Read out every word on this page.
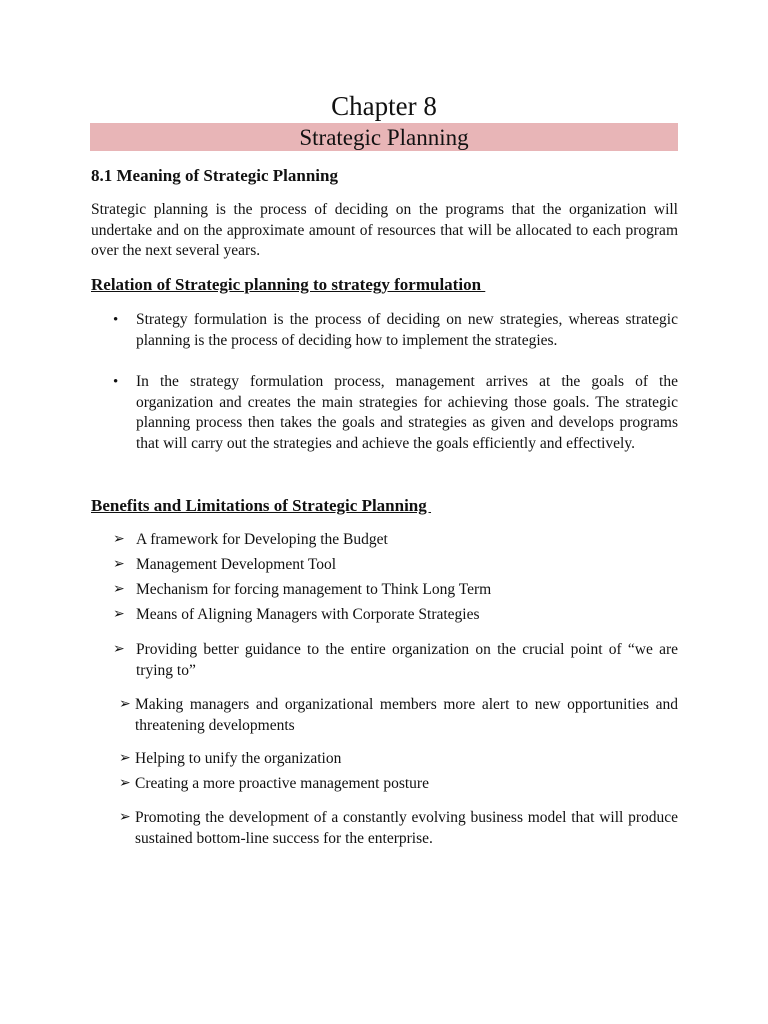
Chapter 8
Strategic Planning
8.1 Meaning of Strategic Planning
Strategic planning is the process of deciding on the programs that the organization will undertake and on the approximate amount of resources that will be allocated to each program over the next several years.
Relation of Strategic planning to strategy formulation
•	Strategy formulation is the process of deciding on new strategies, whereas strategic planning is the process of deciding how to implement the strategies.
•	In the strategy formulation process, management arrives at the goals of the organization and creates the main strategies for achieving those goals. The strategic planning process then takes the goals and strategies as given and develops programs that will carry out the strategies and achieve the goals efficiently and effectively.
Benefits and Limitations of Strategic Planning
➢ A framework for Developing the Budget
➢ Management Development Tool
➢ Mechanism for forcing management to Think Long Term
➢ Means of Aligning Managers with Corporate Strategies
➢ Providing better guidance to the entire organization on the crucial point of “we are trying to”
➢ Making managers and organizational members more alert to new opportunities and threatening developments
➢ Helping to unify the organization
➢ Creating a more proactive management posture
➢ Promoting the development of a constantly evolving business model that will produce sustained bottom-line success for the enterprise.
